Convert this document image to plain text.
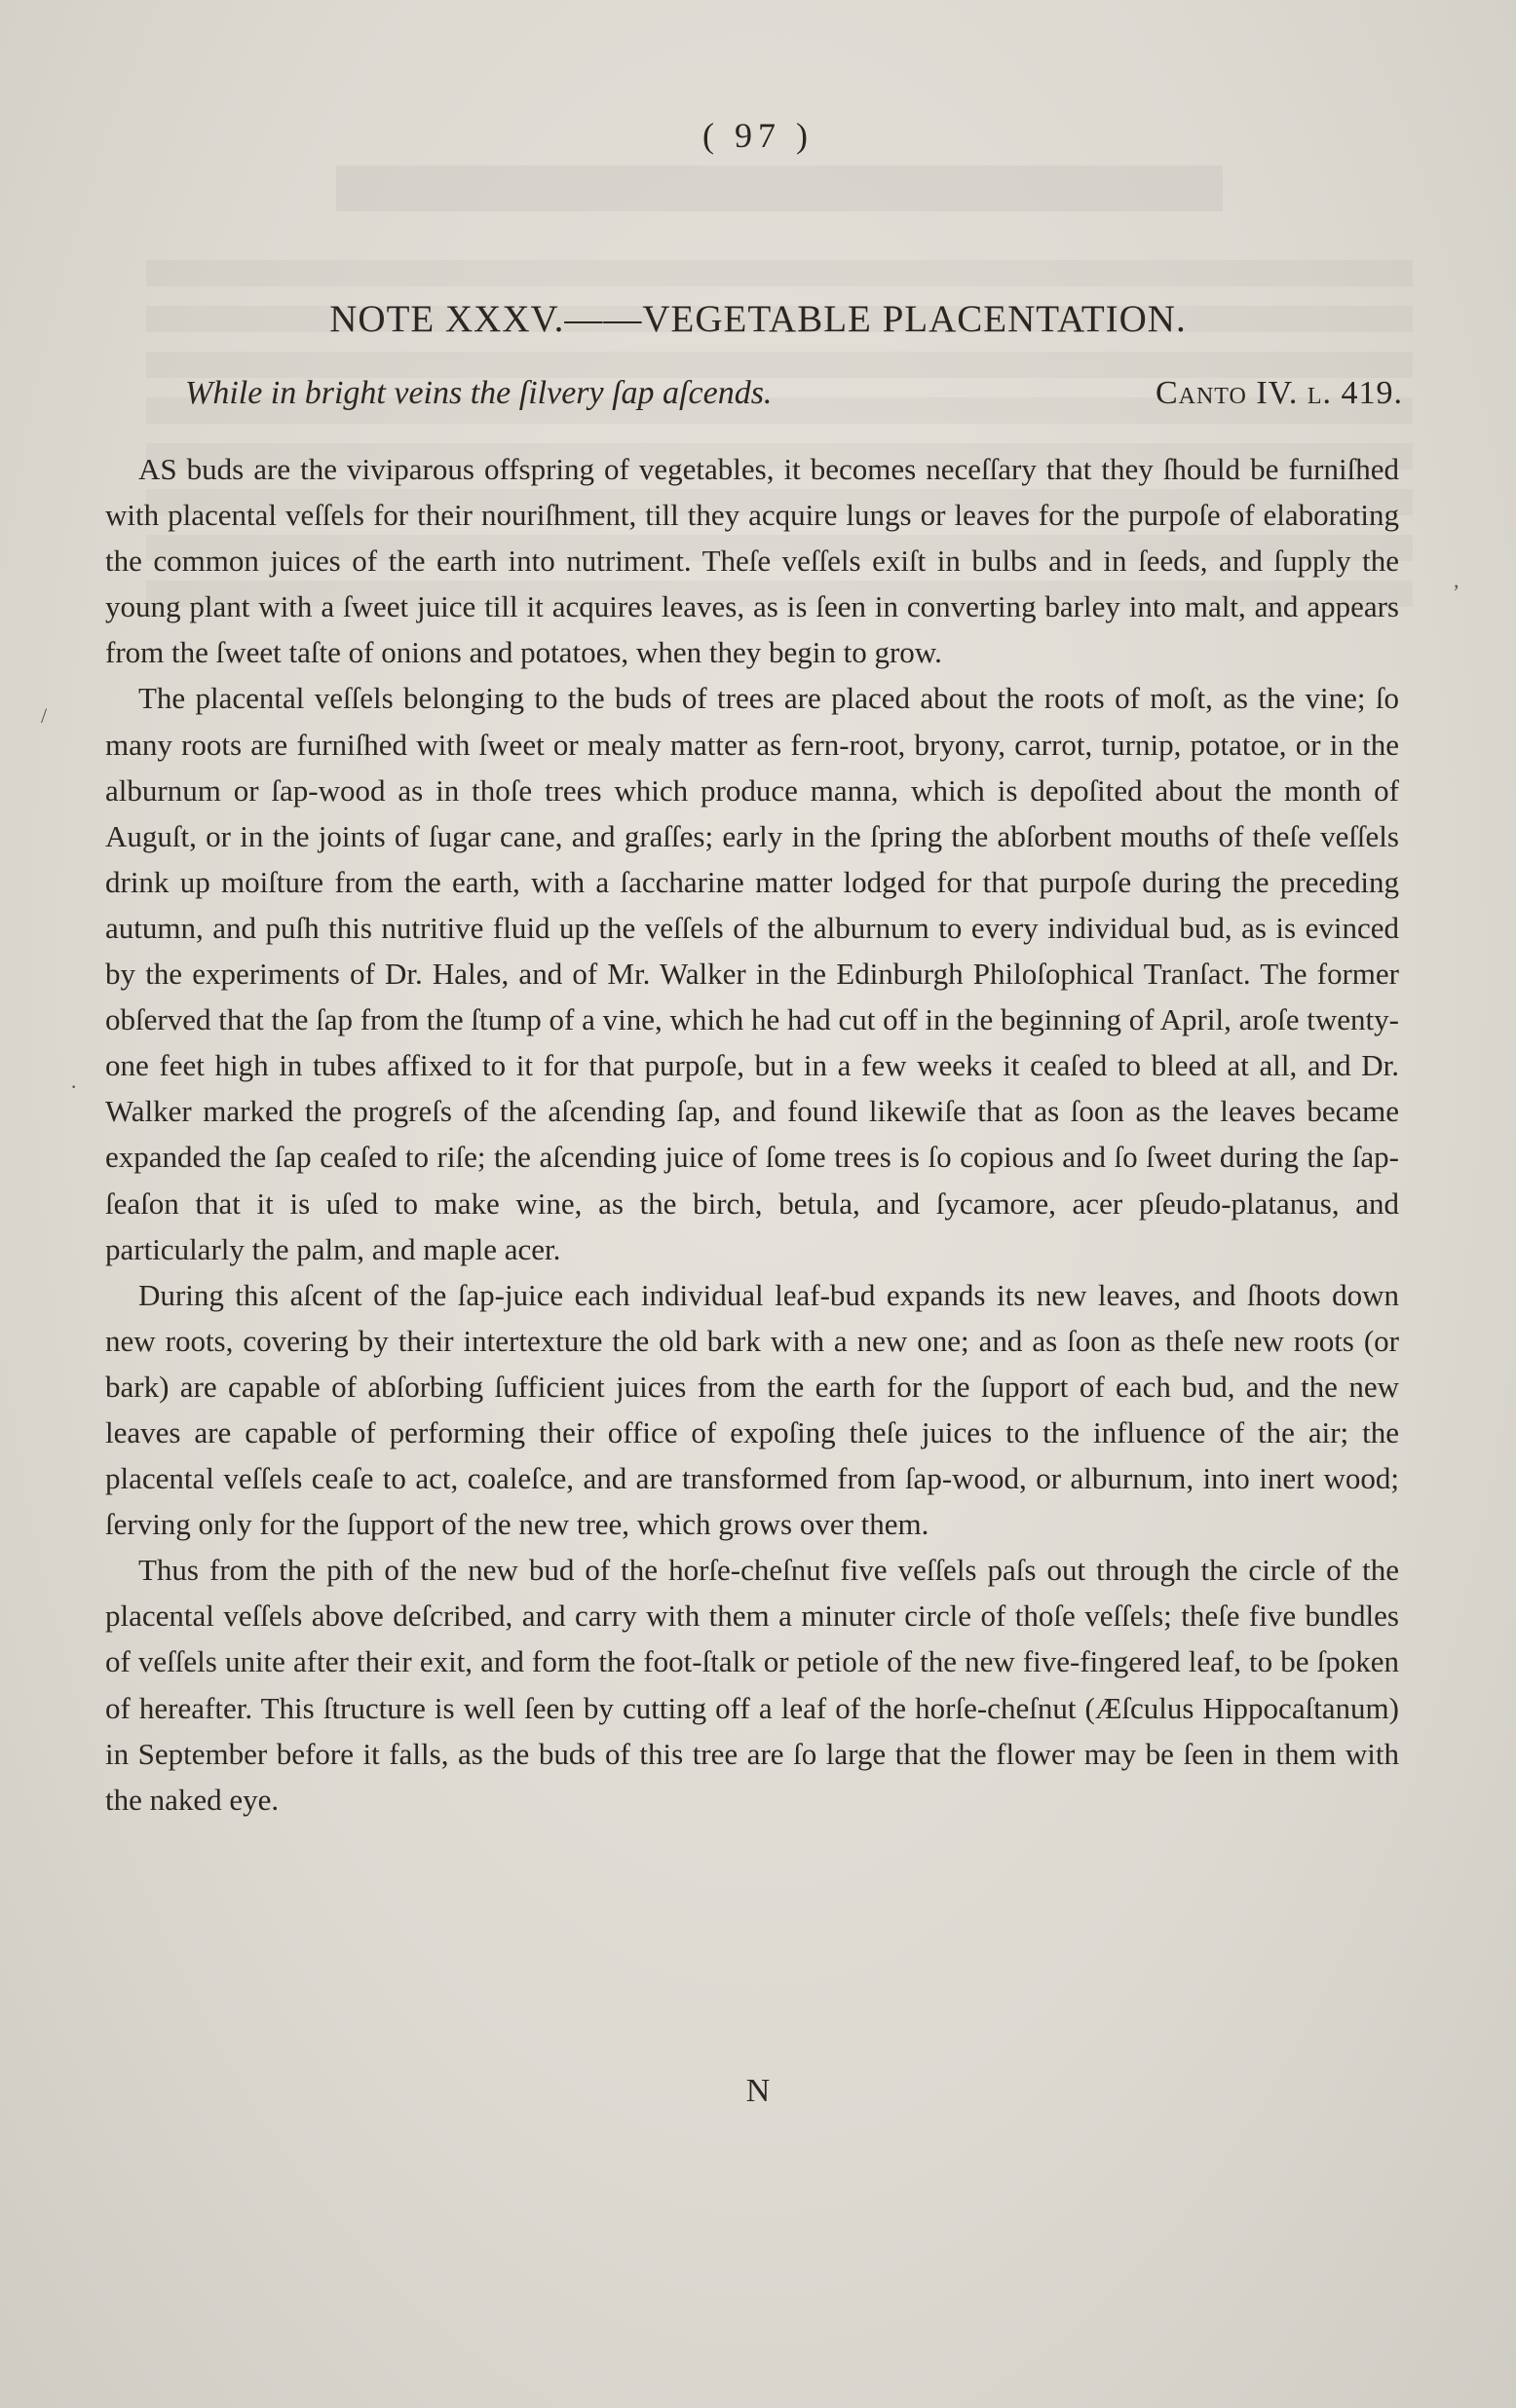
( 97 )
NOTE XXXV.——VEGETABLE PLACENTATION.
While in bright veins the ſilvery ſap aſcends.	Canto IV. l. 419.

AS buds are the viviparous offspring of vegetables, it becomes neceſſary that they ſhould be furniſhed with placental veſſels for their nouriſhment, till they acquire lungs or leaves for the purpoſe of elaborating the common juices of the earth into nutriment. Theſe veſſels exiſt in bulbs and in ſeeds, and ſupply the young plant with a ſweet juice till it acquires leaves, as is ſeen in converting barley into malt, and appears from the ſweet taſte of onions and potatoes, when they begin to grow.

The placental veſſels belonging to the buds of trees are placed about the roots of moſt, as the vine; ſo many roots are furniſhed with ſweet or mealy matter as fern-root, bryony, carrot, turnip, potatoe, or in the alburnum or ſap-wood as in thoſe trees which produce manna, which is depoſited about the month of Auguſt, or in the joints of ſugar cane, and graſſes; early in the ſpring the abſorbent mouths of theſe veſſels drink up moiſture from the earth, with a ſaccharine matter lodged for that purpoſe during the preceding autumn, and puſh this nutritive fluid up the veſſels of the alburnum to every individual bud, as is evinced by the experiments of Dr. Hales, and of Mr. Walker in the Edinburgh Philoſophical Tranſact. The former obſerved that the ſap from the ſtump of a vine, which he had cut off in the beginning of April, aroſe twenty-one feet high in tubes affixed to it for that purpoſe, but in a few weeks it ceaſed to bleed at all, and Dr. Walker marked the progreſs of the aſcending ſap, and found likewiſe that as ſoon as the leaves became expanded the ſap ceaſed to riſe; the aſcending juice of ſome trees is ſo copious and ſo ſweet during the ſap-ſeaſon that it is uſed to make wine, as the birch, betula, and ſycamore, acer pſeudo-platanus, and particularly the palm, and maple acer.

During this aſcent of the ſap-juice each individual leaf-bud expands its new leaves, and ſhoots down new roots, covering by their intertexture the old bark with a new one; and as ſoon as theſe new roots (or bark) are capable of abſorbing ſufficient juices from the earth for the ſupport of each bud, and the new leaves are capable of performing their office of expoſing theſe juices to the influence of the air; the placental veſſels ceaſe to act, coaleſce, and are transformed from ſap-wood, or alburnum, into inert wood; ſerving only for the ſupport of the new tree, which grows over them.

Thus from the pith of the new bud of the horſe-cheſnut five veſſels paſs out through the circle of the placental veſſels above deſcribed, and carry with them a minuter circle of thoſe veſſels; theſe five bundles of veſſels unite after their exit, and form the foot-ſtalk or petiole of the new five-fingered leaf, to be ſpoken of hereafter. This ſtructure is well ſeen by cutting off a leaf of the horſe-cheſnut (Æſculus Hippocaſtanum) in September before it falls, as the buds of this tree are ſo large that the flower may be ſeen in them with the naked eye.

N
,
/
·
